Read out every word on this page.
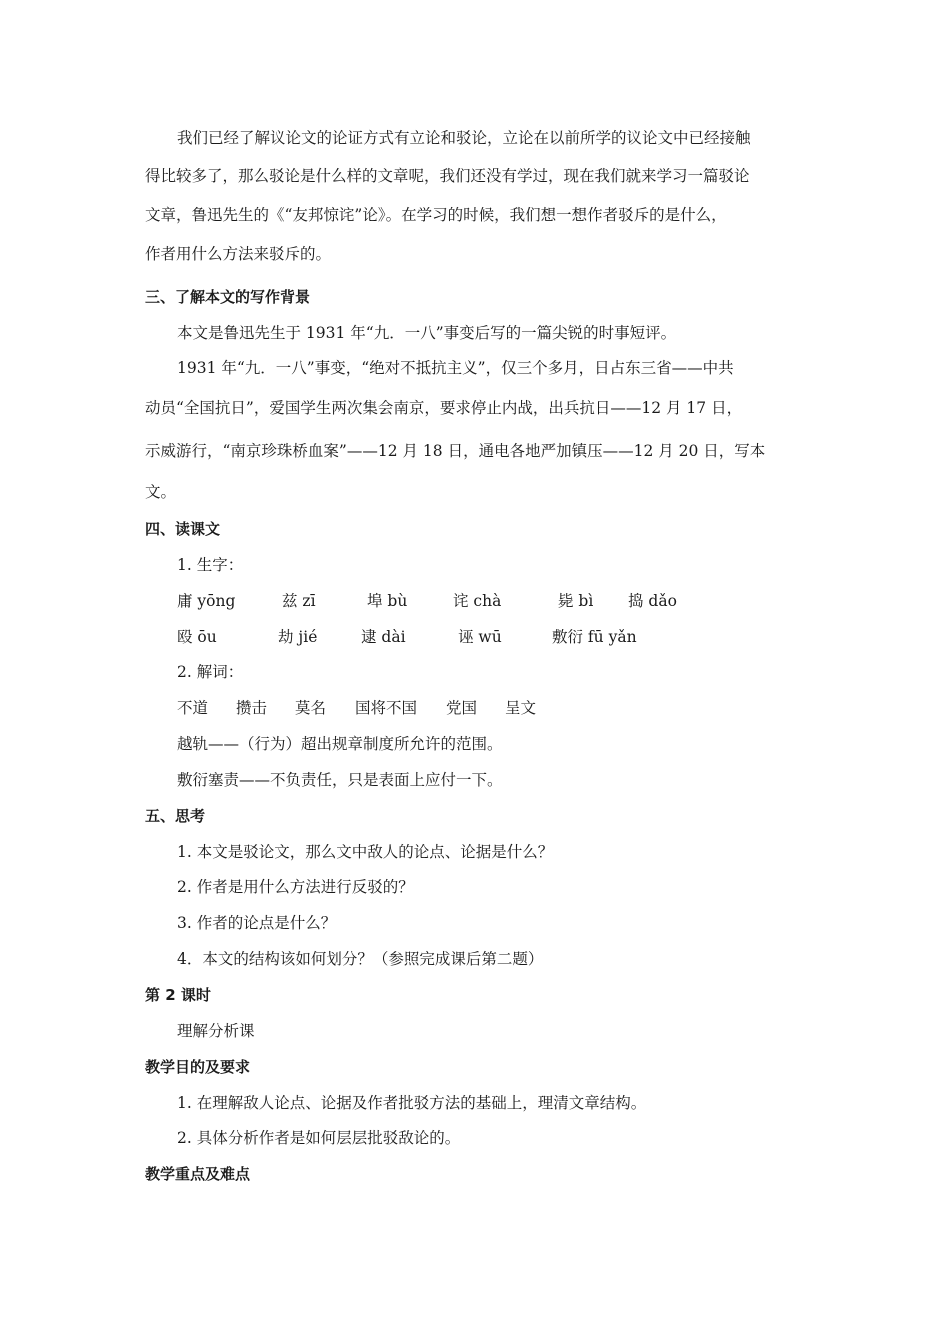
我们已经了解议论文的论证方式有立论和驳论，立论在以前所学的议论文中已经接触
得比较多了，那么驳论是什么样的文章呢，我们还没有学过，现在我们就来学习一篇驳论
文章，鲁迅先生的《“友邦惊诧”论》。在学习的时候，我们想一想作者驳斥的是什么，
作者用什么方法来驳斥的。
三、了解本文的写作背景
本文是鲁迅先生于 1931 年“九．一八”事变后写的一篇尖锐的时事短评。
1931 年“九．一八”事变，“绝对不抵抗主义”，仅三个多月，日占东三省——中共
动员“全国抗日”，爱国学生两次集会南京，要求停止内战，出兵抗日——12 月 17 日，
示威游行，“南京珍珠桥血案”——12 月 18 日，通电各地严加镇压——12 月 20 日，写本
文。
四、读课文
1. 生字：
庸 yōng	兹 zī	埠 bù	诧 chà	毙 bì 捣 dǎo
殴 ōu	劫 jié	逮 dài	诬 wū	敷衍 fū yǎn
2. 解词：
不道 攒击 莫名 国将不国 党国 呈文
越轨——（行为）超出规章制度所允许的范围。
敷衍塞责——不负责任，只是表面上应付一下。
五、思考
1. 本文是驳论文，那么文中敌人的论点、论据是什么？
2. 作者是用什么方法进行反驳的？
3. 作者的论点是什么？
4．本文的结构该如何划分？（参照完成课后第二题）
第 2 课时
理解分析课
教学目的及要求
1. 在理解敌人论点、论据及作者批驳方法的基础上，理清文章结构。
2. 具体分析作者是如何层层批驳敌论的。
教学重点及难点
